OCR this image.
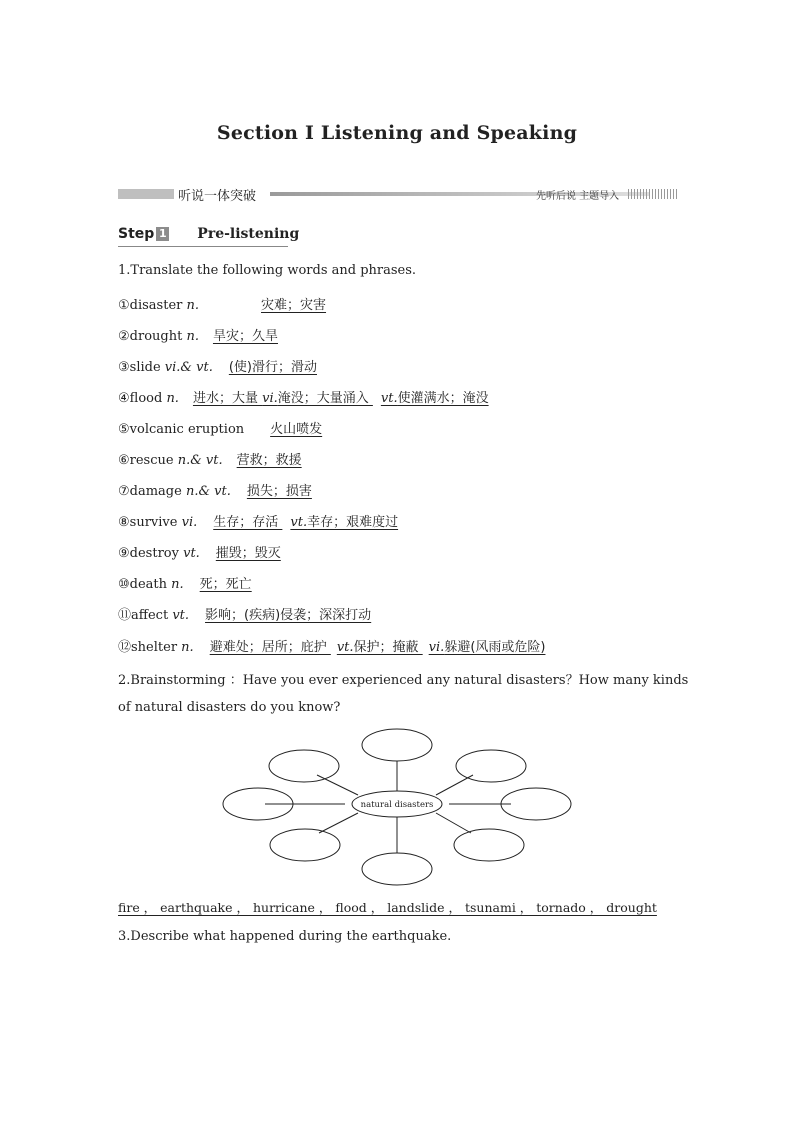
Section Ⅰ Listening and Speaking
听说一体突破	先听后说 主题导入
Step 1 Pre-listening
1.Translate the following words and phrases.
①disaster n.	灾难；灾害
②drought n. 旱灾；久旱
③slide vi.& vt. (使)滑行；滑动
④flood n. 进水；大量 vi.淹没；大量涌入 vt.使灌满水；淹没
⑤volcanic eruption 火山喷发
⑥rescue n.& vt. 营救；救援
⑦damage n.& vt. 损失；损害
⑧survive vi. 生存；存活 vt.幸存；艰难度过
⑨destroy vt. 摧毁；毁灭
⑩death n. 死；死亡
⑪affect vt. 影响；(疾病)侵袭；深深打动
⑫shelter n. 避难处；居所；庇护 vt.保护；掩蔽 vi.躲避(风雨或危险)
2.Brainstorming ：Have you ever experienced any natural disasters？How many kinds
of natural disasters do you know?
natural disasters
fire ， earthquake ， hurricane ， flood ， landslide ， tsunami ， tornado ， drought
3.Describe what happened during the earthquake.
